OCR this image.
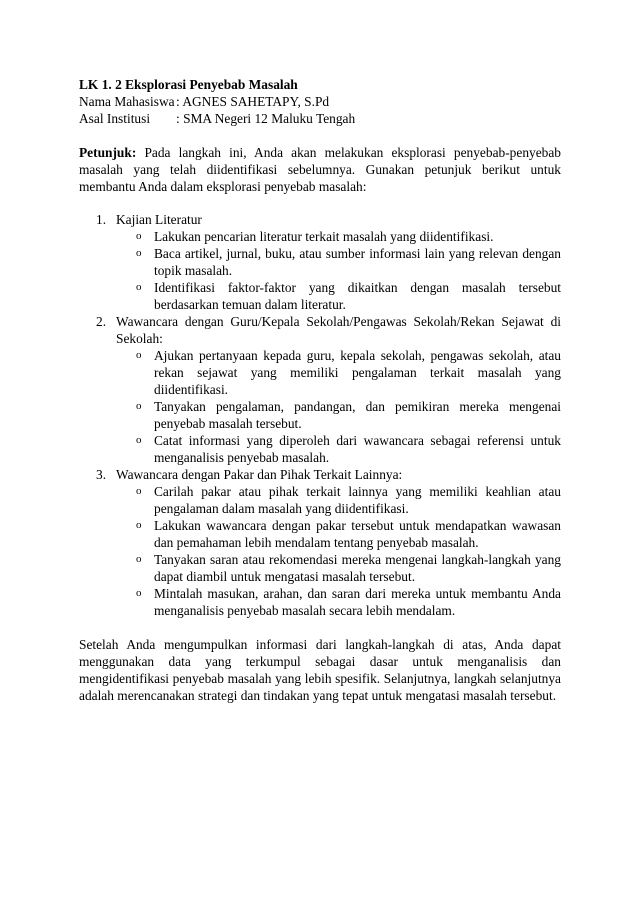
LK 1. 2 Eksplorasi Penyebab Masalah

Nama Mahasiswa : AGNES SAHETAPY, S.Pd
Asal Institusi	: SMA Negeri 12 Maluku Tengah

Petunjuk: Pada langkah ini, Anda akan melakukan eksplorasi penyebab-penyebab masalah yang telah diidentifikasi sebelumnya. Gunakan petunjuk berikut untuk membantu Anda dalam eksplorasi penyebab masalah:

1. Kajian Literatur
o Lakukan pencarian literatur terkait masalah yang diidentifikasi.
o Baca artikel, jurnal, buku, atau sumber informasi lain yang relevan dengan topik masalah.
o Identifikasi faktor-faktor yang dikaitkan dengan masalah tersebut berdasarkan temuan dalam literatur.
2. Wawancara dengan Guru/Kepala Sekolah/Pengawas Sekolah/Rekan Sejawat di Sekolah:
o Ajukan pertanyaan kepada guru, kepala sekolah, pengawas sekolah, atau rekan sejawat yang memiliki pengalaman terkait masalah yang diidentifikasi.
o Tanyakan pengalaman, pandangan, dan pemikiran mereka mengenai penyebab masalah tersebut.
o Catat informasi yang diperoleh dari wawancara sebagai referensi untuk menganalisis penyebab masalah.
3. Wawancara dengan Pakar dan Pihak Terkait Lainnya:
o Carilah pakar atau pihak terkait lainnya yang memiliki keahlian atau pengalaman dalam masalah yang diidentifikasi.
o Lakukan wawancara dengan pakar tersebut untuk mendapatkan wawasan dan pemahaman lebih mendalam tentang penyebab masalah.
o Tanyakan saran atau rekomendasi mereka mengenai langkah-langkah yang dapat diambil untuk mengatasi masalah tersebut.
o Mintalah masukan, arahan, dan saran dari mereka untuk membantu Anda menganalisis penyebab masalah secara lebih mendalam.

Setelah Anda mengumpulkan informasi dari langkah-langkah di atas, Anda dapat menggunakan data yang terkumpul sebagai dasar untuk menganalisis dan mengidentifikasi penyebab masalah yang lebih spesifik. Selanjutnya, langkah selanjutnya adalah merencanakan strategi dan tindakan yang tepat untuk mengatasi masalah tersebut.
